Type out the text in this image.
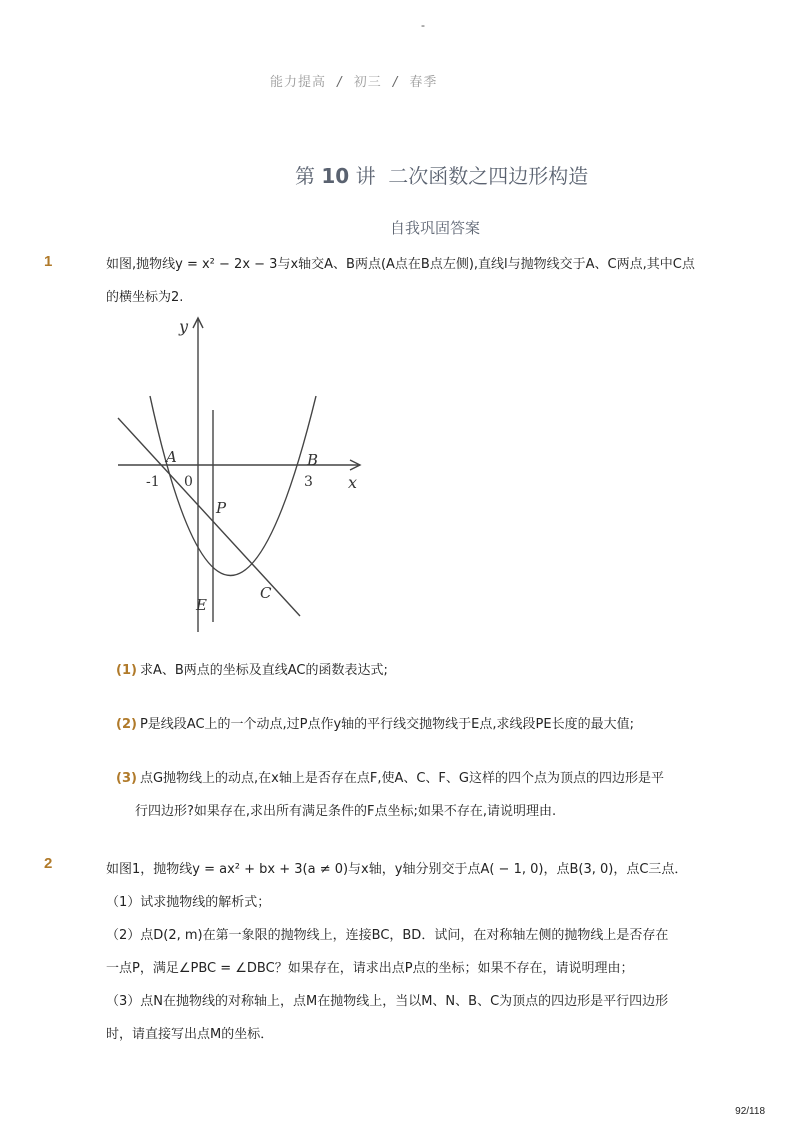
-
能力提高 / 初三 / 春季
第 10 讲 二次函数之四边形构造
自我巩固答案
1	如图,抛物线y = x² − 2x − 3与x轴交A、B两点(A点在B点左侧),直线l与抛物线交于A、C两点,其中C点
的横坐标为2.
y
x
A	B
P
C
E
-1 0	3
(1) 求A、B两点的坐标及直线AC的函数表达式;
(2) P是线段AC上的一个动点,过P点作y轴的平行线交抛物线于E点,求线段PE长度的最大值;
(3) 点G抛物线上的动点,在x轴上是否存在点F,使A、C、F、G这样的四个点为顶点的四边形是平
行四边形?如果存在,求出所有满足条件的F点坐标;如果不存在,请说明理由.
2	如图1，抛物线y = ax² + bx + 3(a ≠ 0)与x轴，y轴分别交于点A( − 1, 0)，点B(3, 0)，点C三点．
（1）试求抛物线的解析式；
（2）点D(2, m)在第一象限的抛物线上，连接BC，BD．试问，在对称轴左侧的抛物线上是否存在
一点P，满足∠PBC = ∠DBC？如果存在，请求出点P点的坐标；如果不存在，请说明理由；
（3）点N在抛物线的对称轴上，点M在抛物线上，当以M、N、B、C为顶点的四边形是平行四边形
时，请直接写出点M的坐标．
92/118
